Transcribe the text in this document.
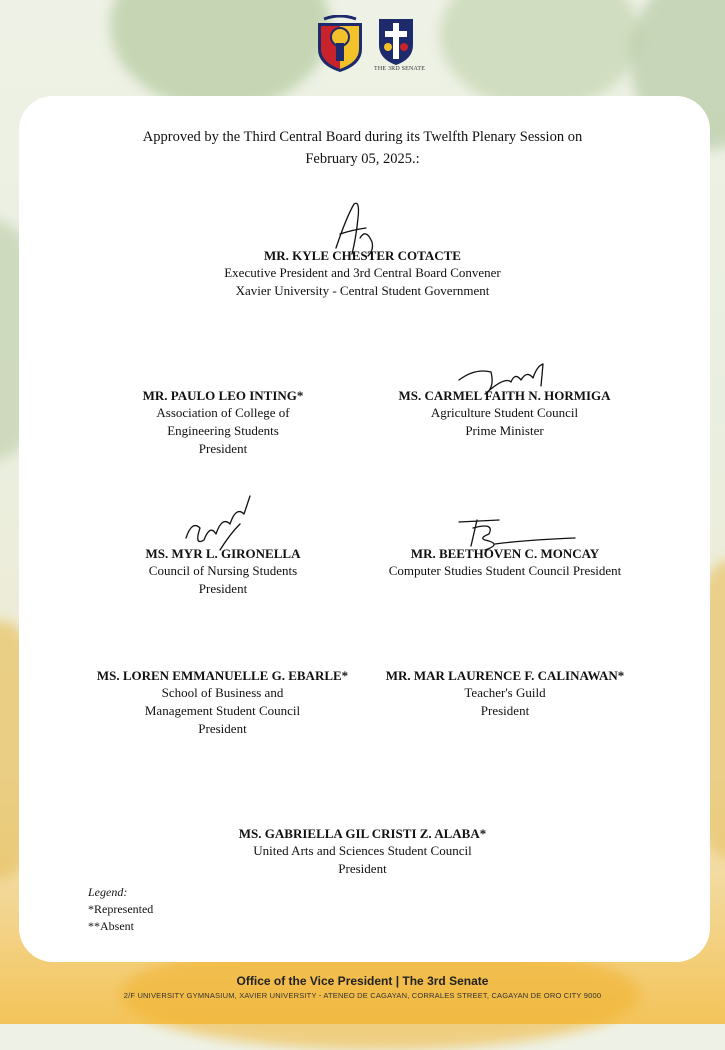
THE 3RD SENATE
Approved by the Third Central Board during its Twelfth Plenary Session on
February 05, 2025.:
MR. KYLE CHESTER COTACTE
Executive President and 3rd Central Board Convener
Xavier University - Central Student Government
MR. PAULO LEO INTING*
Association of College of
Engineering Students
President
MS. CARMEL FAITH N. HORMIGA
Agriculture Student Council
Prime Minister
MS. MYR L. GIRONELLA
Council of Nursing Students
President
MR. BEETHOVEN C. MONCAY
Computer Studies Student Council President
MS. LOREN EMMANUELLE G. EBARLE*
School of Business and
Management Student Council
President
MR. MAR LAURENCE F. CALINAWAN*
Teacher's Guild
President
MS. GABRIELLA GIL CRISTI Z. ALABA*
United Arts and Sciences Student Council
President
Legend:
*Represented
**Absent
Office of the Vice President | The 3rd Senate
2/F UNIVERSITY GYMNASIUM, XAVIER UNIVERSITY - ATENEO DE CAGAYAN, CORRALES STREET, CAGAYAN DE ORO CITY 9000
